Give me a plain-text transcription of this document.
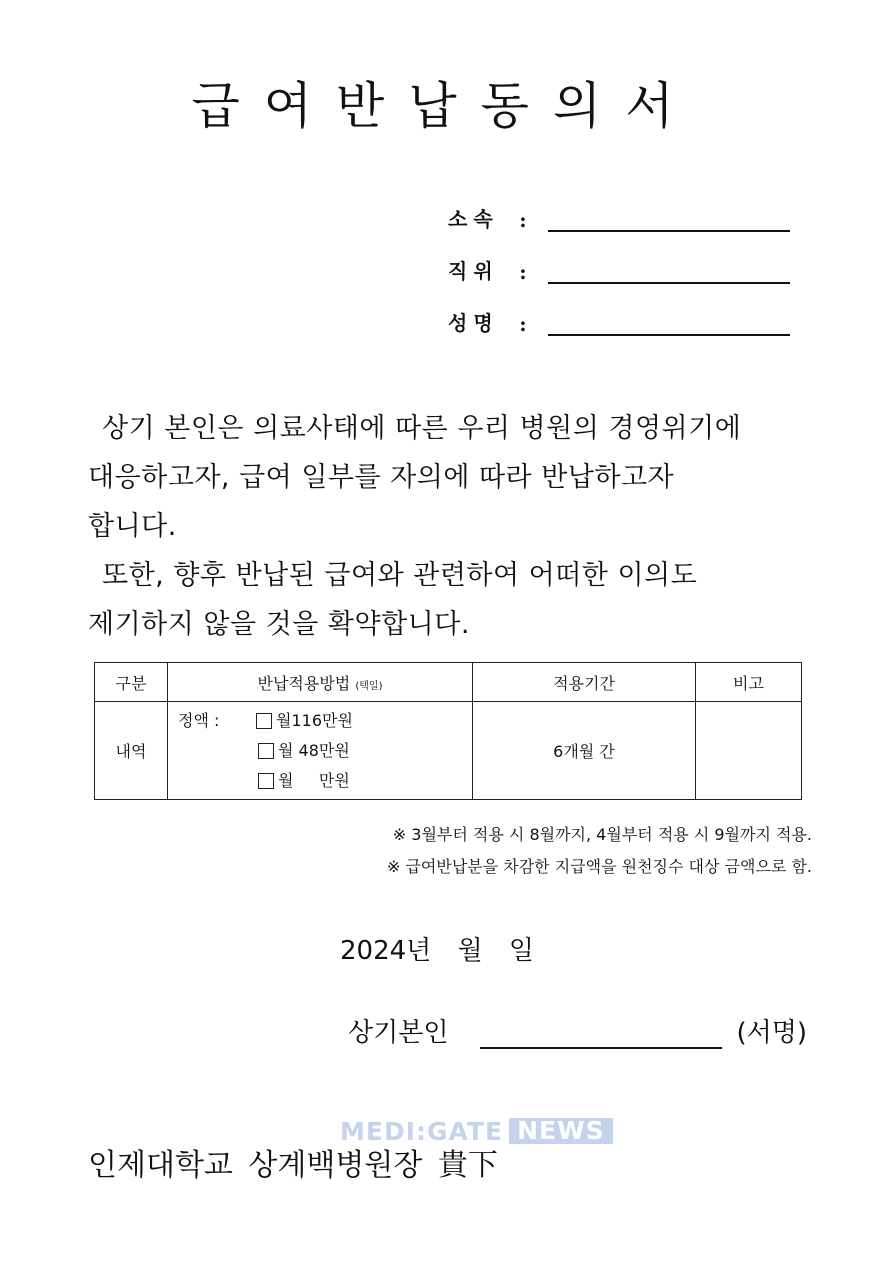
급여반납동의서
소속	:
직위	:
성명	:

상기 본인은 의료사태에 따른 우리 병원의 경영위기에

대응하고자, 급여 일부를 자의에 따라 반납하고자

합니다.

또한, 향후 반납된 급여와 관련하여 어떠한 이의도

제기하지 않을 것을 확약합니다.

구분	반납적용방법 (택일)	적용기간	비고
내역	정액 : 월116만원
월 48만원
월     만원	6개월 간	
※ 3월부터 적용 시 8월까지, 4월부터 적용 시 9월까지 적용.
※ 급여반납분을 차감한 지급액을 원천징수 대상 금액으로 함.
2024년 월 일
상기본인	(서명)
MEDI:GATE NEWS
인제대학교 상계백병원장 貴下
